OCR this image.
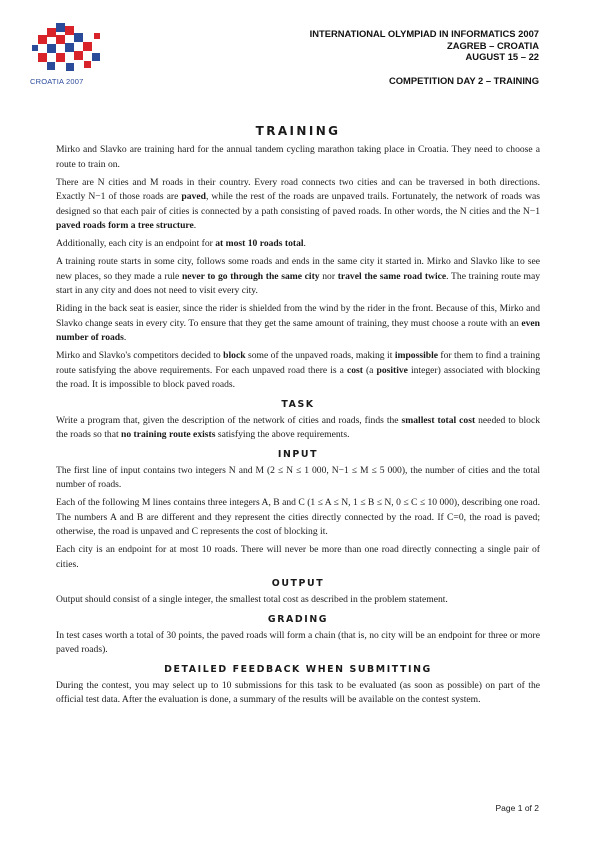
CROATIA 2007
INTERNATIONAL OLYMPIAD IN INFORMATICS 2007
ZAGREB – CROATIA
AUGUST 15 – 22
COMPETITION DAY 2 – TRAINING
TRAINING

Mirko and Slavko are training hard for the annual tandem cycling marathon taking place in Croatia. They need to choose a route to train on.

There are N cities and M roads in their country. Every road connects two cities and can be traversed in both directions. Exactly N−1 of those roads are paved, while the rest of the roads are unpaved trails. Fortunately, the network of roads was designed so that each pair of cities is connected by a path consisting of paved roads. In other words, the N cities and the N−1 paved roads form a tree structure.

Additionally, each city is an endpoint for at most 10 roads total.

A training route starts in some city, follows some roads and ends in the same city it started in. Mirko and Slavko like to see new places, so they made a rule never to go through the same city nor travel the same road twice. The training route may start in any city and does not need to visit every city.

Riding in the back seat is easier, since the rider is shielded from the wind by the rider in the front. Because of this, Mirko and Slavko change seats in every city. To ensure that they get the same amount of training, they must choose a route with an even number of roads.

Mirko and Slavko's competitors decided to block some of the unpaved roads, making it impossible for them to find a training route satisfying the above requirements. For each unpaved road there is a cost (a positive integer) associated with blocking the road. It is impossible to block paved roads.

TASK

Write a program that, given the description of the network of cities and roads, finds the smallest total cost needed to block the roads so that no training route exists satisfying the above requirements.

INPUT

The first line of input contains two integers N and M (2 ≤ N ≤ 1 000, N−1 ≤ M ≤ 5 000), the number of cities and the total number of roads.

Each of the following M lines contains three integers A, B and C (1 ≤ A ≤ N, 1 ≤ B ≤ N, 0 ≤ C ≤ 10 000), describing one road. The numbers A and B are different and they represent the cities directly connected by the road. If C=0, the road is paved; otherwise, the road is unpaved and C represents the cost of blocking it.

Each city is an endpoint for at most 10 roads. There will never be more than one road directly connecting a single pair of cities.

OUTPUT

Output should consist of a single integer, the smallest total cost as described in the problem statement.

GRADING

In test cases worth a total of 30 points, the paved roads will form a chain (that is, no city will be an endpoint for three or more paved roads).

DETAILED FEEDBACK WHEN SUBMITTING

During the contest, you may select up to 10 submissions for this task to be evaluated (as soon as possible) on part of the official test data. After the evaluation is done, a summary of the results will be available on the contest system.

Page 1 of 2
